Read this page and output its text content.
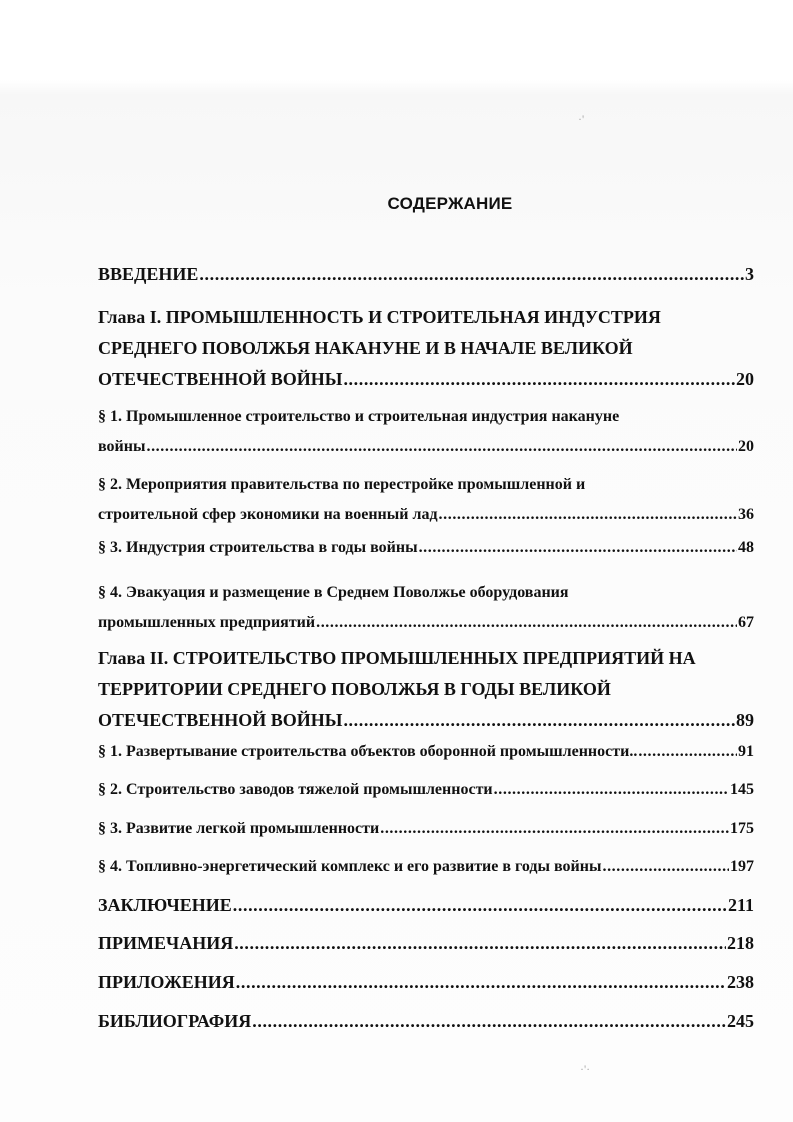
СОДЕРЖАНИЕ
·'
·'·
ВВЕДЕНИЕ .....	3
Глава I. ПРОМЫШЛЕННОСТЬ И СТРОИТЕЛЬНАЯ ИНДУСТРИЯ
СРЕДНЕГО ПОВОЛЖЬЯ НАКАНУНЕ И В НАЧАЛЕ ВЕЛИКОЙ
ОТЕЧЕСТВЕННОЙ ВОЙНЫ .....	20
§ 1. Промышленное строительство и строительная индустрия накануне
войны .....	20
§ 2. Мероприятия правительства по перестройке промышленной и
строительной сфер экономики на военный лад .....	36
§ 3. Индустрия строительства в годы войны .....	48
§ 4. Эвакуация и размещение в Среднем Поволжье оборудования
промышленных предприятий .....	67
Глава II. СТРОИТЕЛЬСТВО ПРОМЫШЛЕННЫХ ПРЕДПРИЯТИЙ НА
ТЕРРИТОРИИ СРЕДНЕГО ПОВОЛЖЬЯ В ГОДЫ ВЕЛИКОЙ
ОТЕЧЕСТВЕННОЙ ВОЙНЫ .....	89
§ 1. Развертывание строительства объектов оборонной промышленности.. .....	91
§ 2. Строительство заводов тяжелой промышленности .....	145
§ 3. Развитие легкой промышленности .....	175
§ 4. Топливно-энергетический комплекс и его развитие в годы войны .....	197
ЗАКЛЮЧЕНИЕ .....	211
ПРИМЕЧАНИЯ .....	218
ПРИЛОЖЕНИЯ .....	238
БИБЛИОГРАФИЯ .....	245
